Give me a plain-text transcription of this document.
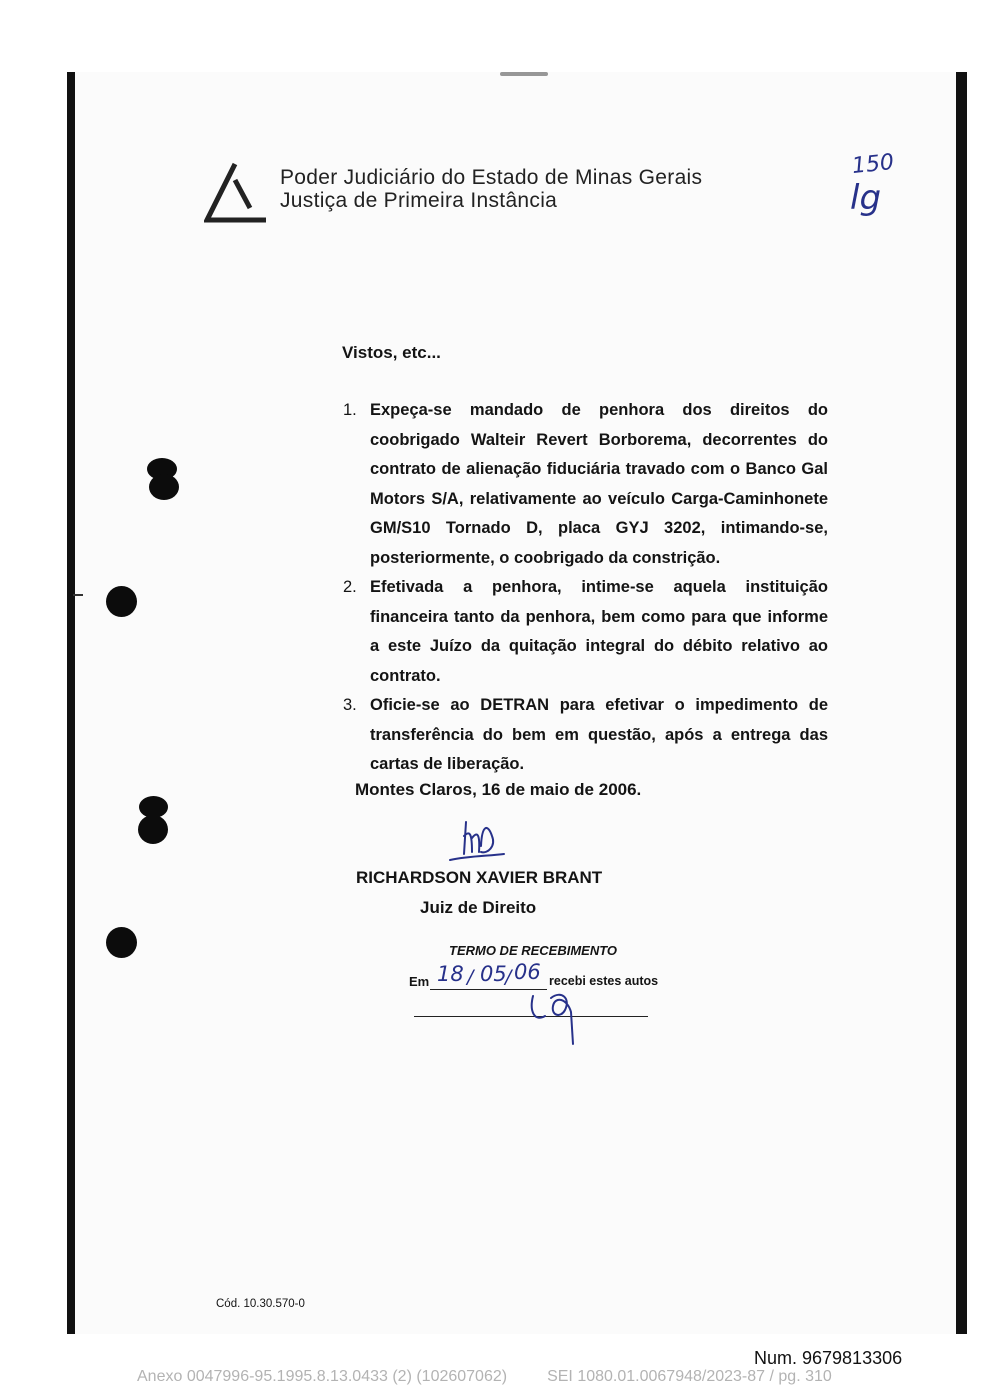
Poder Judiciário do Estado de Minas Gerais
Justiça de Primeira Instância
150
lg
Vistos, etc...
1. Expeça-se mandado de penhora dos direitos do coobrigado Walteir Revert Borborema, decorrentes do contrato de alienação fiduciária travado com o Banco Gal Motors S/A, relativamente ao veículo Carga-Caminhonete GM/S10 Tornado D, placa GYJ 3202, intimando-se, posteriormente, o coobrigado da constrição.
2. Efetivada a penhora, intime-se aquela instituição financeira tanto da penhora, bem como para que informe a este Juízo da quitação integral do débito relativo ao contrato.
3. Oficie-se ao DETRAN para efetivar o impedimento de transferência do bem em questão, após a entrega das cartas de liberação.
Montes Claros, 16 de maio de 2006.
RICHARDSON XAVIER BRANT
Juiz de Direito
TERMO DE RECEBIMENTO
Em 18 / 05
/ 06 recebi estes autos
Cód. 10.30.570-0
Num. 9679813306
Anexo 0047996-95.1995.8.13.0433 (2) (102607062)         SEI 1080.01.0067948/2023-87 / pg. 310
